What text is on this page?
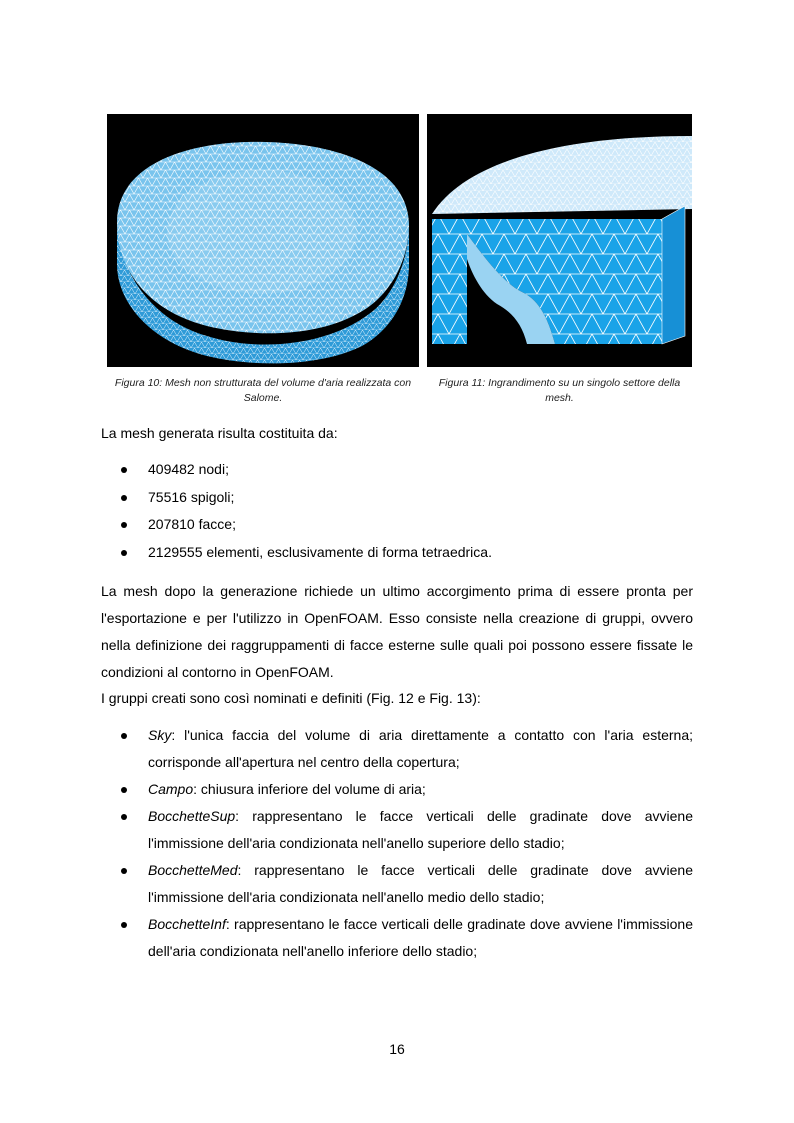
Figura 10: Mesh non strutturata del volume d'aria realizzata con Salome.
Figura 11: Ingrandimento su un singolo settore della mesh.
La mesh generata risulta costituita da:
409482 nodi;
75516 spigoli;
207810 facce;
2129555 elementi, esclusivamente di forma tetraedrica.
La mesh dopo la generazione richiede un ultimo accorgimento prima di essere pronta per l'esportazione e per l'utilizzo in OpenFOAM. Esso consiste nella creazione di gruppi, ovvero nella definizione dei raggruppamenti di facce esterne sulle quali poi possono essere fissate le condizioni al contorno in OpenFOAM.
I gruppi creati sono così nominati e definiti (Fig. 12 e Fig. 13):
Sky: l'unica faccia del volume di aria direttamente a contatto con l'aria esterna; corrisponde all'apertura nel centro della copertura;
Campo: chiusura inferiore del volume di aria;
BocchetteSup: rappresentano le facce verticali delle gradinate dove avviene l'immissione dell'aria condizionata nell'anello superiore dello stadio;
BocchetteMed: rappresentano le facce verticali delle gradinate dove avviene l'immissione dell'aria condizionata nell'anello medio dello stadio;
BocchetteInf: rappresentano le facce verticali delle gradinate dove avviene l'immissione dell'aria condizionata nell'anello inferiore dello stadio;
16
